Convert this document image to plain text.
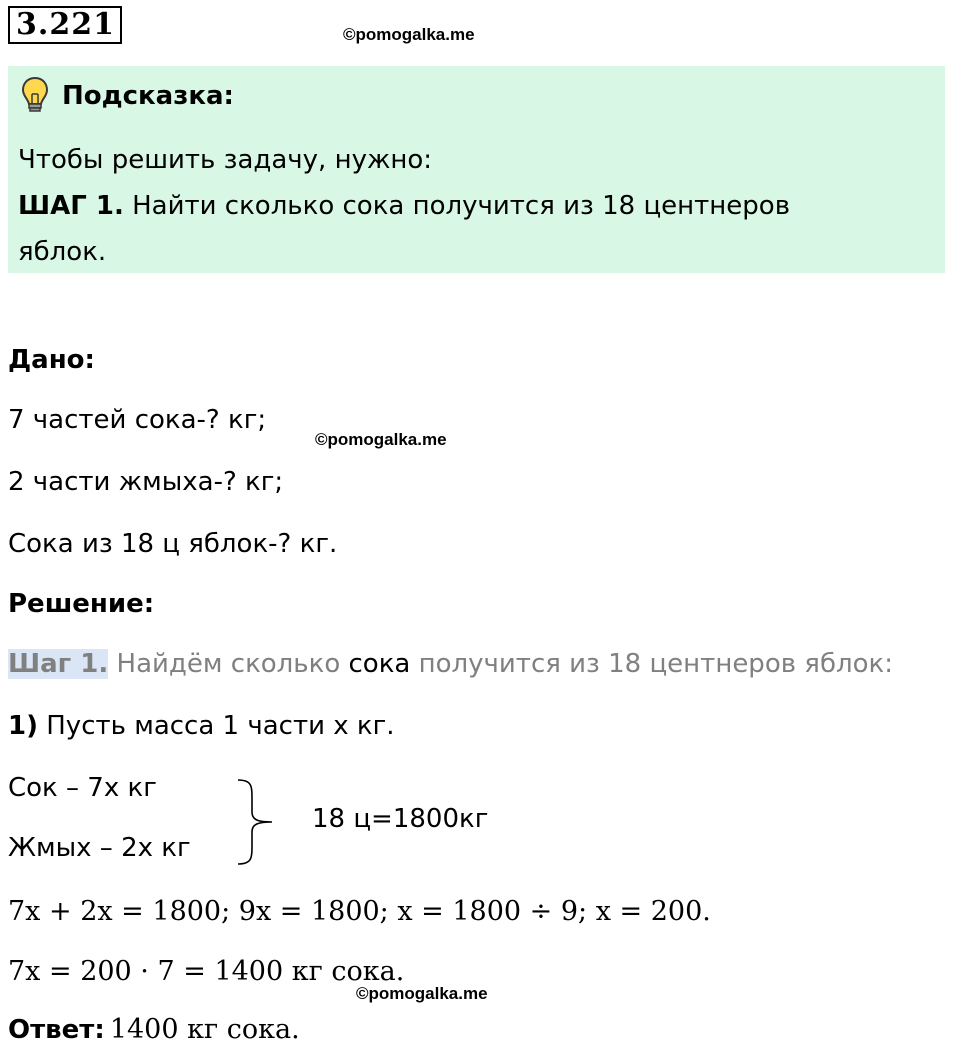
3.221	©pomogalka.me
Подсказка:
Чтобы решить задачу, нужно:
ШАГ 1. Найти сколько сока получится из 18 центнеров
яблок.
Дано:
7 частей сока-? кг;
©pomogalka.me
2 части жмыха-? кг;
Сока из 18 ц яблок-? кг.
Решение:
Шаг 1. Найдём сколько сока получится из 18 центнеров яблок:
1) Пусть масса 1 части x кг.
Сок – 7x кг
Жмых – 2x кг
18 ц=1800кг
7x + 2x = 1800; 9x = 1800; x = 1800 ÷ 9; x = 200.
7x = 200 · 7 = 1400 кг сока.
©pomogalka.me
Ответ: 1400 кг сока.
